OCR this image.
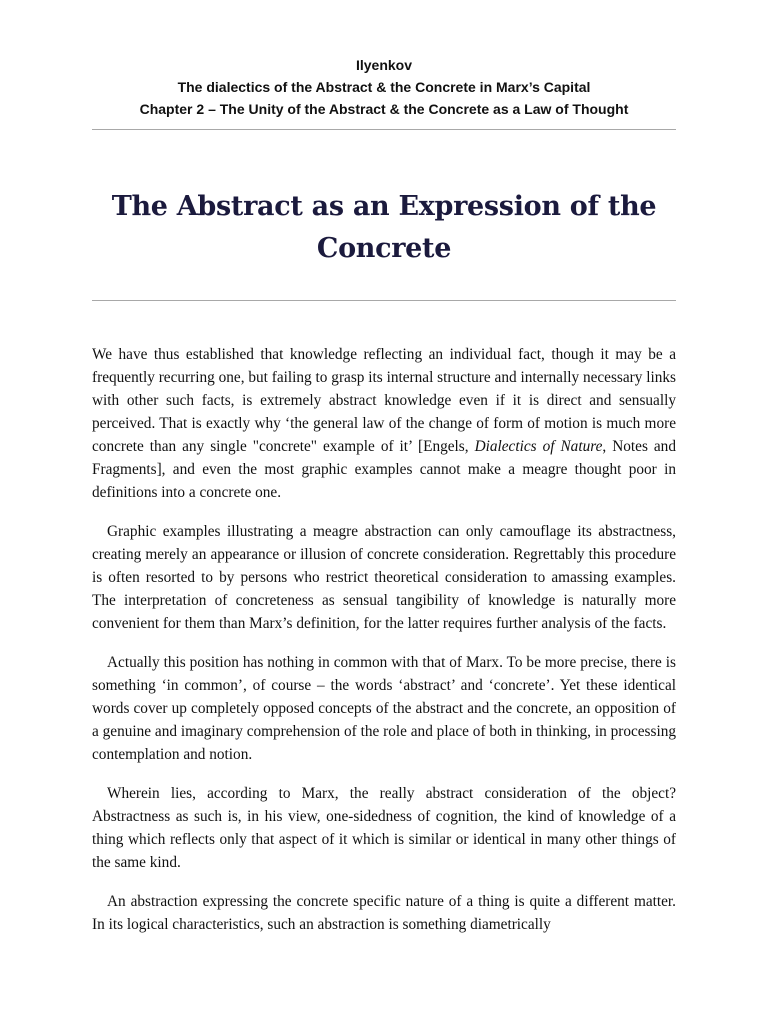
Ilyenkov
The dialectics of the Abstract & the Concrete in Marx’s Capital
Chapter 2 – The Unity of the Abstract & the Concrete as a Law of Thought
The Abstract as an Expression of the Concrete

We have thus established that knowledge reflecting an individual fact, though it may be a frequently recurring one, but failing to grasp its internal structure and internally necessary links with other such facts, is extremely abstract knowledge even if it is direct and sensually perceived. That is exactly why ‘the general law of the change of form of motion is much more concrete than any single "concrete" example of it’ [Engels, Dialectics of Nature, Notes and Fragments], and even the most graphic examples cannot make a meagre thought poor in definitions into a concrete one.

Graphic examples illustrating a meagre abstraction can only camouflage its abstractness, creating merely an appearance or illusion of concrete consideration. Regrettably this procedure is often resorted to by persons who restrict theoretical consideration to amassing examples. The interpretation of concreteness as sensual tangibility of knowledge is naturally more convenient for them than Marx’s definition, for the latter requires further analysis of the facts.

Actually this position has nothing in common with that of Marx. To be more precise, there is something ‘in common’, of course – the words ‘abstract’ and ‘concrete’. Yet these identical words cover up completely opposed concepts of the abstract and the concrete, an opposition of a genuine and imaginary comprehension of the role and place of both in thinking, in processing contemplation and notion.

Wherein lies, according to Marx, the really abstract consideration of the object? Abstractness as such is, in his view, one-sidedness of cognition, the kind of knowledge of a thing which reflects only that aspect of it which is similar or identical in many other things of the same kind.

An abstraction expressing the concrete specific nature of a thing is quite a different matter. In its logical characteristics, such an abstraction is something diametrically
